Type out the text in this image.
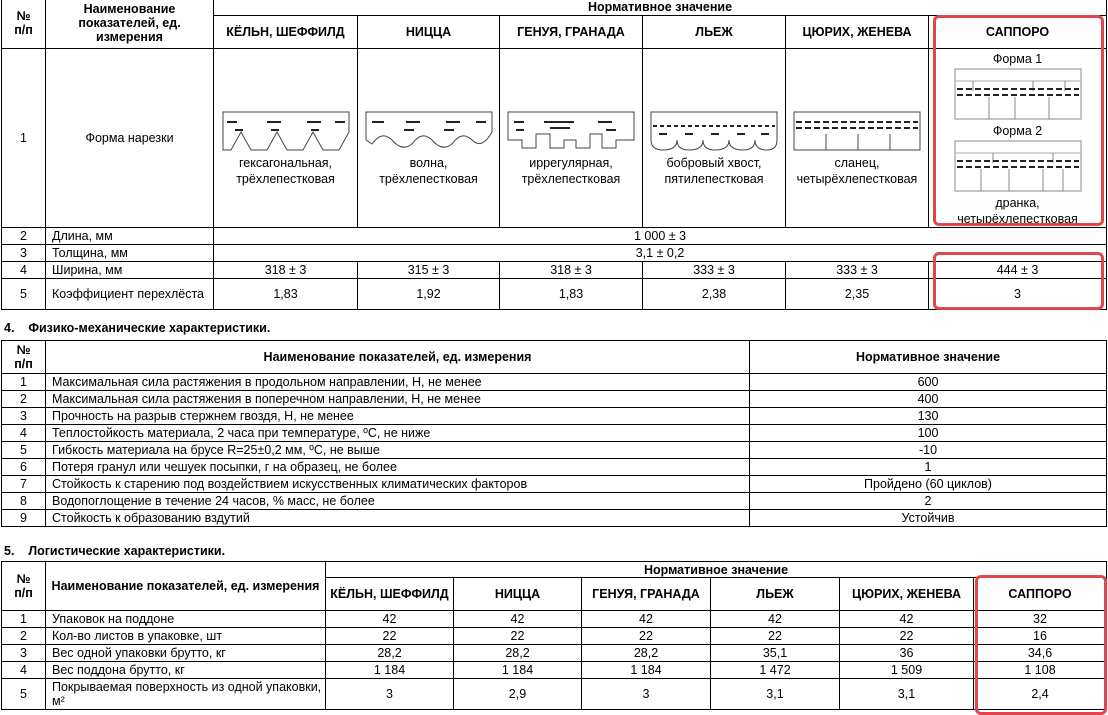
№
п/п	Наименование показателей, ед. измерения	Нормативное значение					
		КЁЛЬН, ШЕФФИЛД	НИЦЦА	ГЕНУЯ, ГРАНАДА	ЛЬЕЖ	ЦЮРИХ, ЖЕНЕВА	САППОРО
1	Форма нарезки	гексагональная, трёхлепестковая	волна, трёхлепестковая	иррегулярная, трёхлепестковая	бобровый хвост, пятилепестковая	сланец, четырёхлепестковая	Форма 1
Форма 2
дранка, четырёхлепестковая

2	Длина, мм	1 000 ± 3					
3	Толщина, мм	3,1 ± 0,2					
4	Ширина, мм	318 ± 3	315 ± 3	318 ± 3	333 ± 3	333 ± 3	444 ± 3
5	Коэффициент перехлёста	1,83	1,92	1,83	2,38	2,35	3
4.    Физико-механические характеристики.
№
п/п	Наименование показателей, ед. измерения	Нормативное значение
1	Максимальная сила растяжения в продольном направлении, Н, не менее	600
2	Максимальная сила растяжения в поперечном направлении, Н, не менее	400
3	Прочность на разрыв стержнем гвоздя, Н, не менее	130
4	Теплостойкость материала, 2 часа при температуре, ºС, не ниже	100
5	Гибкость материала на брусе R=25±0,2 мм, ºС, не выше	-10
6	Потеря гранул или чешуек посыпки, г на образец, не более	1
7	Стойкость к старению под воздействием искусственных климатических факторов	Пройдено (60 циклов)
8	Водопоглощение в течение 24 часов, % масс, не более	2
9	Стойкость к образованию вздутий	Устойчив
5.    Логистические характеристики.
№
п/п	Наименование показателей, ед. измерения	Нормативное значение					
		КЁЛЬН, ШЕФФИЛД	НИЦЦА	ГЕНУЯ, ГРАНАДА	ЛЬЕЖ	ЦЮРИХ, ЖЕНЕВА	САППОРО
1	Упаковок на поддоне	42	42	42	42	42	32
2	Кол-во листов в упаковке, шт	22	22	22	22	22	16
3	Вес одной упаковки брутто, кг	28,2	28,2	28,2	35,1	36	34,6
4	Вес поддона брутто, кг	1 184	1 184	1 184	1 472	1 509	1 108
5	Покрываемая поверхность из одной упаковки, м²	3	2,9	3	3,1	3,1	2,4
